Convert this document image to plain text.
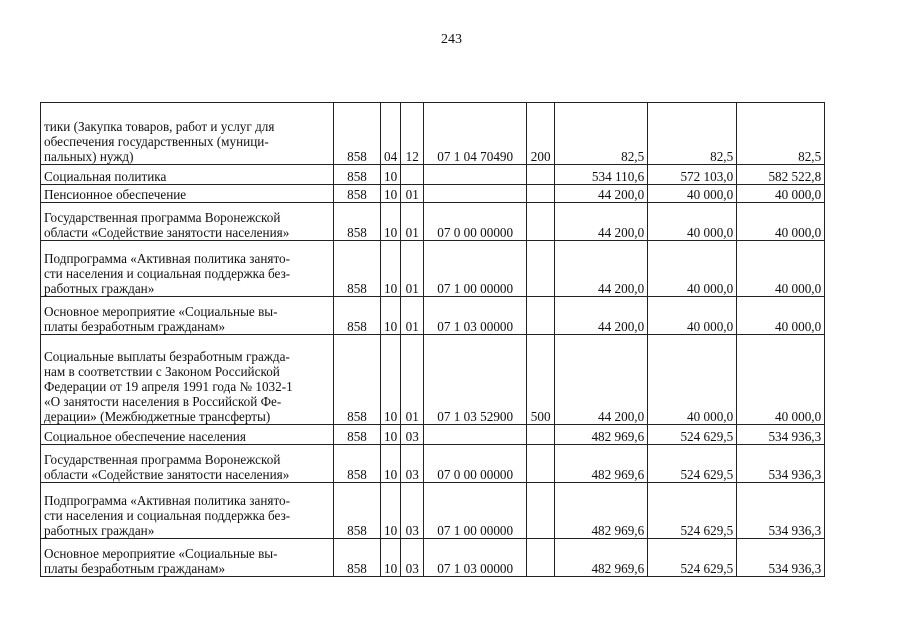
243
тики (Закупка товаров, работ и услуг для
обеспечения государственных (муници-
пальных) нужд)	858	04	12	07 1 04 70490	200	82,5	82,5	82,5

Социальная политика	858	10				534 110,6	572 103,0	582 522,8

Пенсионное обеспечение	858	10	01			44 200,0	40 000,0	40 000,0

Государственная программа Воронежской
области «Содействие занятости населения»	858	10	01	07 0 00 00000		44 200,0	40 000,0	40 000,0

Подпрограмма «Активная политика занято-
сти населения и социальная поддержка без-
работных граждан»	858	10	01	07 1 00 00000		44 200,0	40 000,0	40 000,0

Основное мероприятие «Социальные вы-
платы безработным гражданам»	858	10	01	07 1 03 00000		44 200,0	40 000,0	40 000,0

Социальные выплаты безработным гражда-
нам в соответствии с Законом Российской
Федерации от 19 апреля 1991 года № 1032-1
«О занятости населения в Российской Фе-
дерации» (Межбюджетные трансферты)	858	10	01	07 1 03 52900	500	44 200,0	40 000,0	40 000,0

Социальное обеспечение населения	858	10	03			482 969,6	524 629,5	534 936,3

Государственная программа Воронежской
области «Содействие занятости населения»	858	10	03	07 0 00 00000		482 969,6	524 629,5	534 936,3

Подпрограмма «Активная политика занято-
сти населения и социальная поддержка без-
работных граждан»	858	10	03	07 1 00 00000		482 969,6	524 629,5	534 936,3

Основное мероприятие «Социальные вы-
платы безработным гражданам»	858	10	03	07 1 03 00000		482 969,6	524 629,5	534 936,3
